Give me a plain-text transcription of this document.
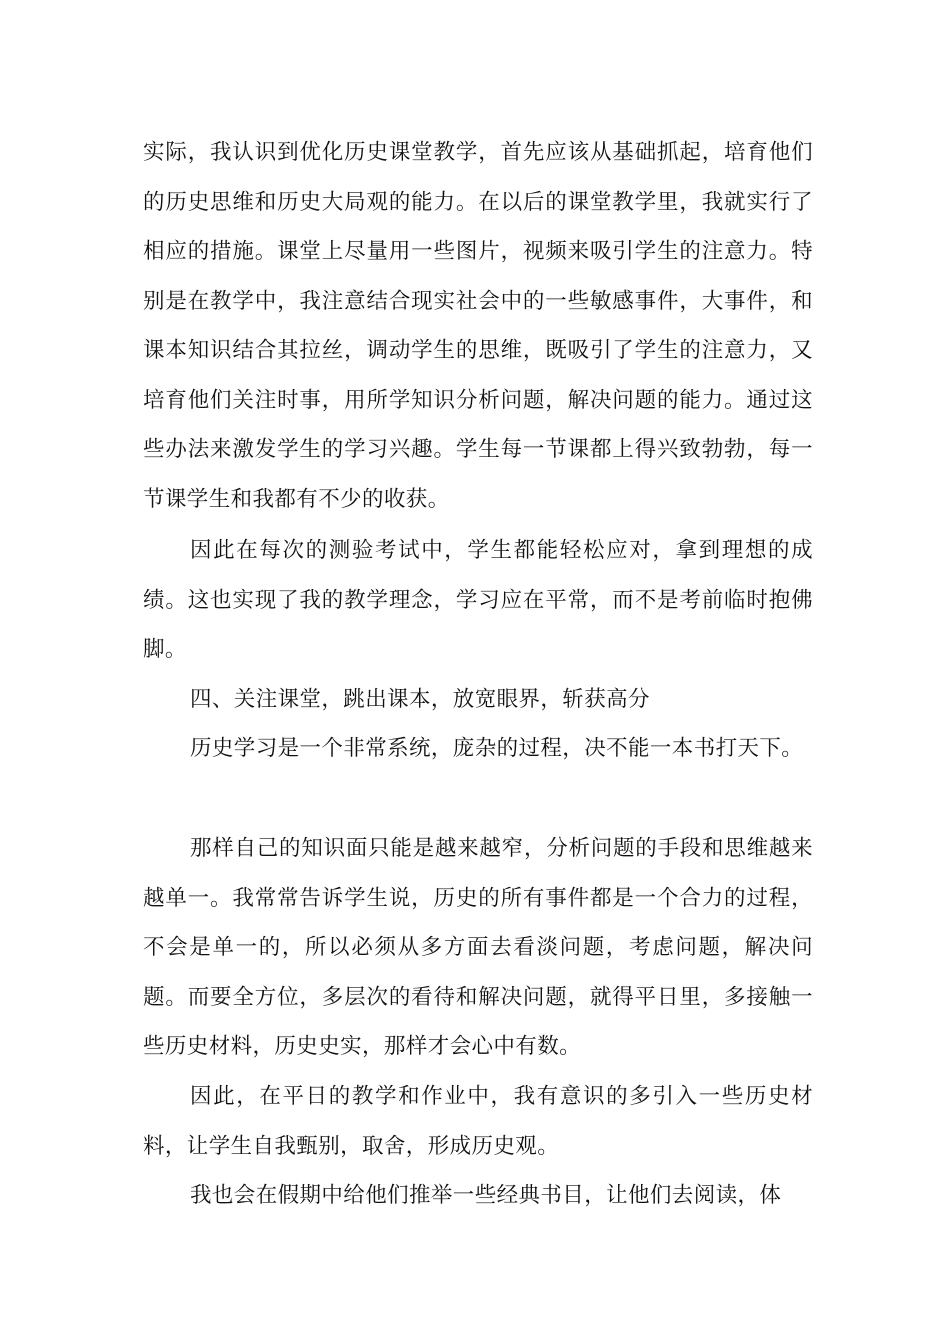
实际，我认识到优化历史课堂教学，首先应该从基础抓起，培育他们的历史思维和历史大局观的能力。在以后的课堂教学里，我就实行了相应的措施。课堂上尽量用一些图片，视频来吸引学生的注意力。特别是在教学中，我注意结合现实社会中的一些敏感事件，大事件，和课本知识结合其拉丝，调动学生的思维，既吸引了学生的注意力，又培育他们关注时事，用所学知识分析问题，解决问题的能力。通过这些办法来激发学生的学习兴趣。学生每一节课都上得兴致勃勃，每一节课学生和我都有不少的收获。

因此在每次的测验考试中，学生都能轻松应对，拿到理想的成绩。这也实现了我的教学理念，学习应在平常，而不是考前临时抱佛脚。

四、关注课堂，跳出课本，放宽眼界，斩获高分

历史学习是一个非常系统，庞杂的过程，决不能一本书打天下。

那样自己的知识面只能是越来越窄，分析问题的手段和思维越来越单一。我常常告诉学生说，历史的所有事件都是一个合力的过程，不会是单一的，所以必须从多方面去看淡问题，考虑问题，解决问题。而要全方位，多层次的看待和解决问题，就得平日里，多接触一些历史材料，历史史实，那样才会心中有数。

因此，在平日的教学和作业中，我有意识的多引入一些历史材料，让学生自我甄别，取舍，形成历史观。

我也会在假期中给他们推举一些经典书目，让他们去阅读，体
